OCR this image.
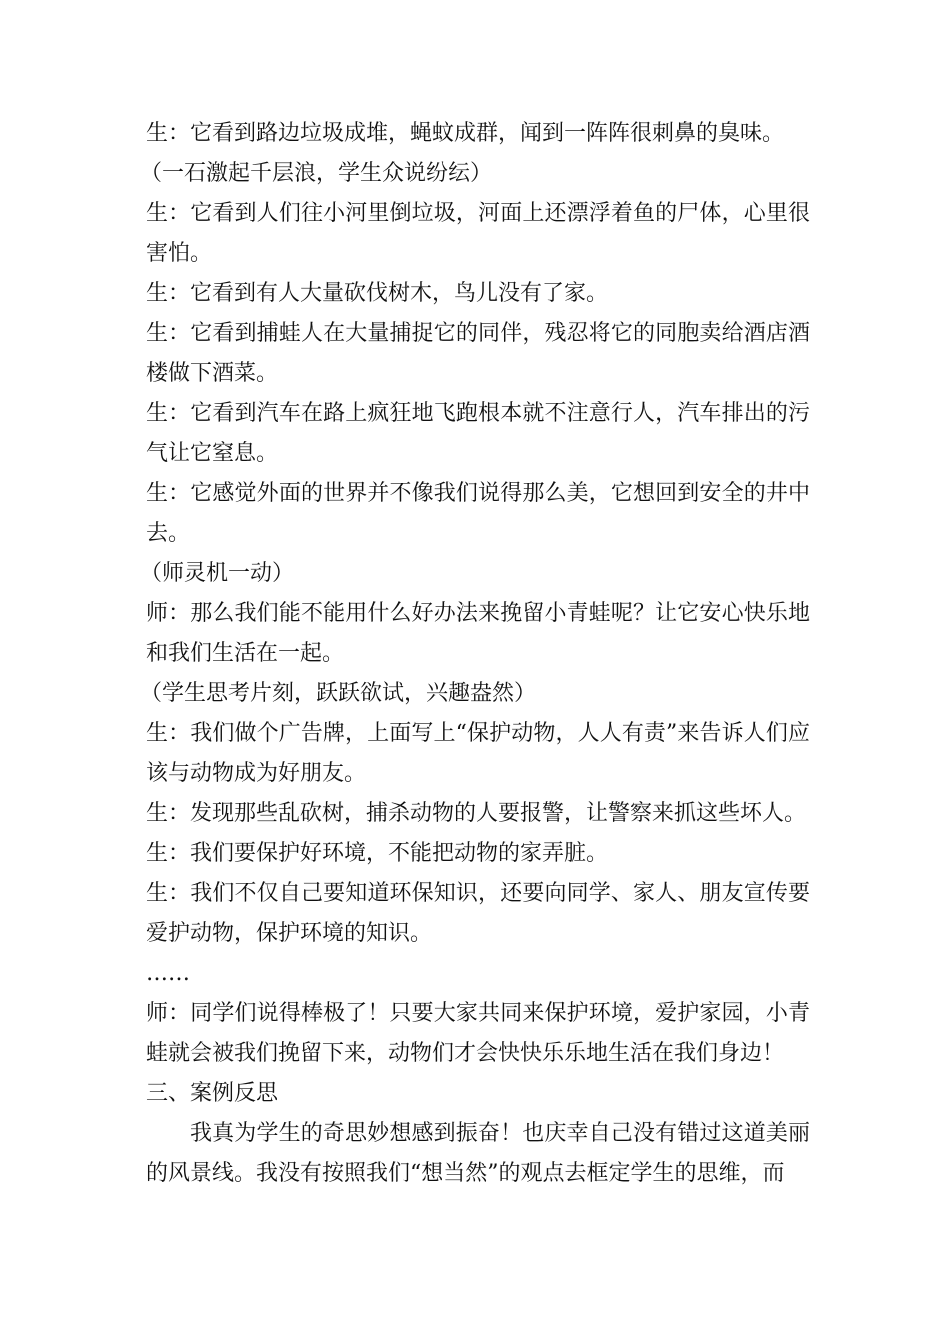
生：它看到路边垃圾成堆，蝇蚊成群，闻到一阵阵很刺鼻的臭味。

（一石激起千层浪，学生众说纷纭）

生：它看到人们往小河里倒垃圾，河面上还漂浮着鱼的尸体，心里很害怕。

生：它看到有人大量砍伐树木，鸟儿没有了家。

生：它看到捕蛙人在大量捕捉它的同伴，残忍将它的同胞卖给酒店酒楼做下酒菜。

生：它看到汽车在路上疯狂地飞跑根本就不注意行人，汽车排出的污气让它窒息。

生：它感觉外面的世界并不像我们说得那么美，它想回到安全的井中去。

（师灵机一动）

师：那么我们能不能用什么好办法来挽留小青蛙呢？让它安心快乐地和我们生活在一起。

（学生思考片刻，跃跃欲试，兴趣盎然）

生：我们做个广告牌，上面写上“保护动物，人人有责”来告诉人们应该与动物成为好朋友。

生：发现那些乱砍树，捕杀动物的人要报警，让警察来抓这些坏人。

生：我们要保护好环境，不能把动物的家弄脏。

生：我们不仅自己要知道环保知识，还要向同学、家人、朋友宣传要爱护动物，保护环境的知识。

……

师：同学们说得棒极了！只要大家共同来保护环境，爱护家园，小青蛙就会被我们挽留下来，动物们才会快快乐乐地生活在我们身边！

三、案例反思

我真为学生的奇思妙想感到振奋！也庆幸自己没有错过这道美丽的风景线。我没有按照我们“想当然”的观点去框定学生的思维，而
